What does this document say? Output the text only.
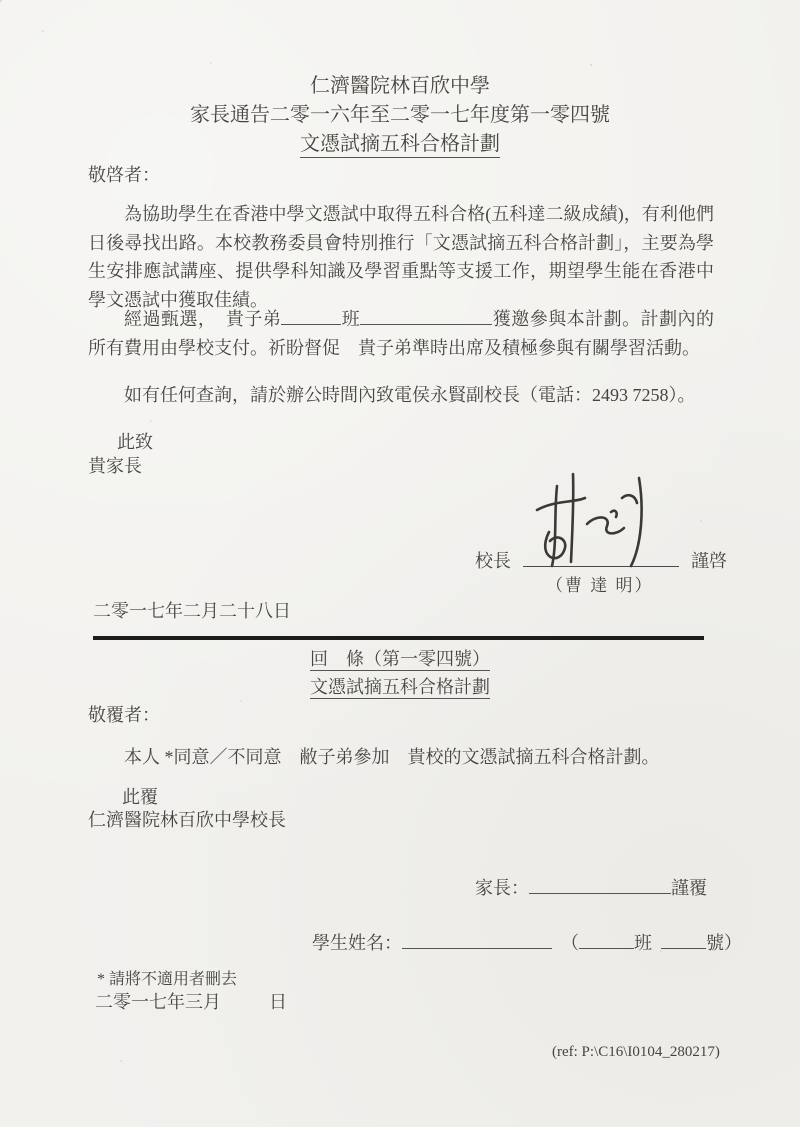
仁濟醫院林百欣中學
家長通告二零一六年至二零一七年度第一零四號
文憑試摘五科合格計劃
敬啓者：

為協助學生在香港中學文憑試中取得五科合格(五科達二級成績)，有利他們日後尋找出路。本校教務委員會特別推行「文憑試摘五科合格計劃」，主要為學生安排應試講座、提供學科知識及學習重點等支援工作，期望學生能在香港中學文憑試中獲取佳績。

經過甄選，　貴子弟	班	獲邀參與本計劃。計劃內的所有費用由學校支付。祈盼督促　貴子弟準時出席及積極參與有關學習活動。

如有任何查詢，請於辦公時間內致電侯永賢副校長（電話：2493 7258）。

此致
貴家長
校長	謹啓
（曹 達 明）
二零一七年二月二十八日
回　條（第一零四號）
文憑試摘五科合格計劃
敬覆者：
本人 *同意／不同意　敝子弟參加　貴校的文憑試摘五科合格計劃。
此覆
仁濟醫院林百欣中學校長
家長：	謹覆
學生姓名：	（	班	號）
* 請將不適用者刪去
二零一七年三月	日
(ref: P:\C16\I0104_280217)
